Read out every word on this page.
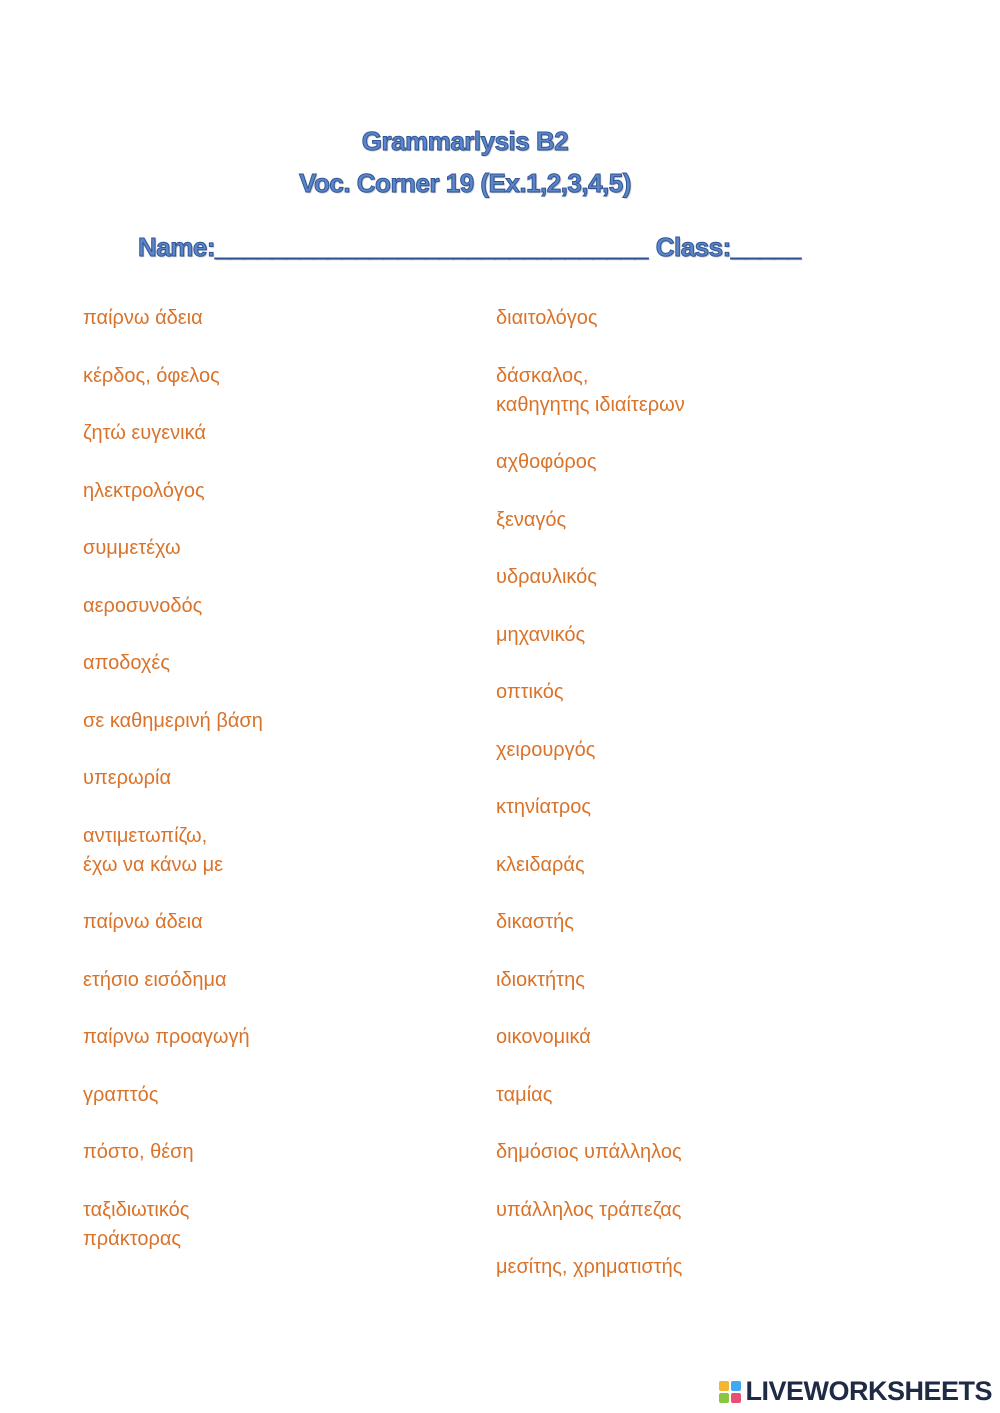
Grammarlysis B2
Voc. Corner 19 (Ex.1,2,3,4,5)
Name:_______________________________ Class:_____
παίρνω άδεια
κέρδος, όφελος
ζητώ ευγενικά
ηλεκτρολόγος
συμμετέχω
αεροσυνοδός
αποδοχές
σε καθημερινή βάση
υπερωρία
αντιμετωπίζω,
έχω να κάνω με
παίρνω άδεια
ετήσιο εισόδημα
παίρνω προαγωγή
γραπτός
πόστο, θέση
ταξιδιωτικός
πράκτορας
διαιτολόγος
δάσκαλος,
καθηγητης ιδιαίτερων
αχθοφόρος
ξεναγός
υδραυλικός
μηχανικός
οπτικός
χειρουργός
κτηνίατρος
κλειδαράς
δικαστής
ιδιοκτήτης
οικονομικά
ταμίας
δημόσιος υπάλληλος
υπάλληλος τράπεζας
μεσίτης, χρηματιστής
LIVEWORKSHEETS
